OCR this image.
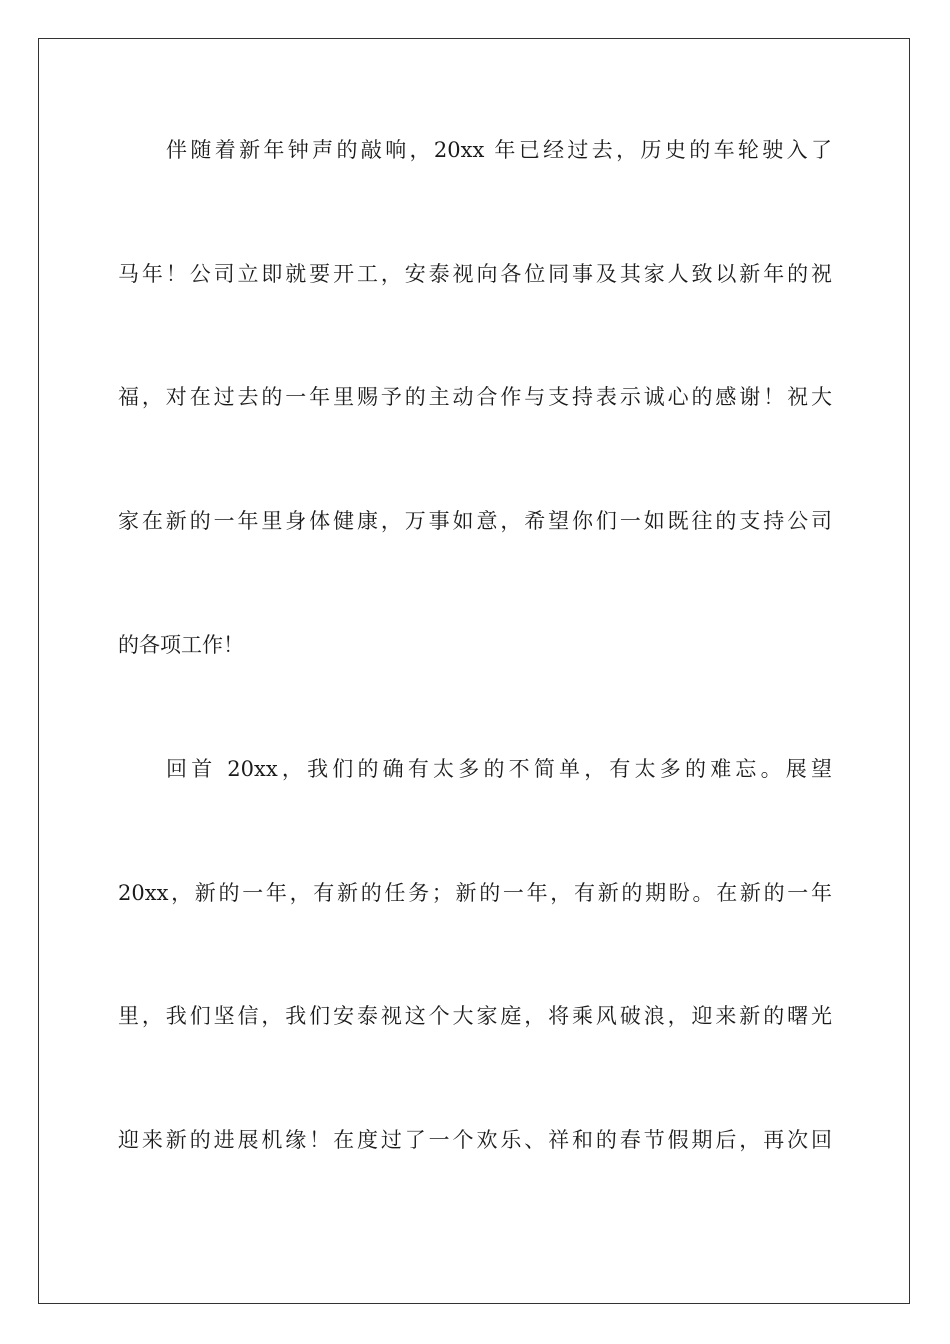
伴随着新年钟声的敲响，20xx 年已经过去，历史的车轮驶入了
马年！公司立即就要开工，安泰视向各位同事及其家人致以新年的祝
福，对在过去的一年里赐予的主动合作与支持表示诚心的感谢！祝大
家在新的一年里身体健康，万事如意，希望你们一如既往的支持公司
的各项工作！
回首 20xx，我们的确有太多的不简单，有太多的难忘。展望
20xx，新的一年，有新的任务；新的一年，有新的期盼。在新的一年
里，我们坚信，我们安泰视这个大家庭，将乘风破浪，迎来新的曙光
迎来新的进展机缘！在度过了一个欢乐、祥和的春节假期后，再次回
